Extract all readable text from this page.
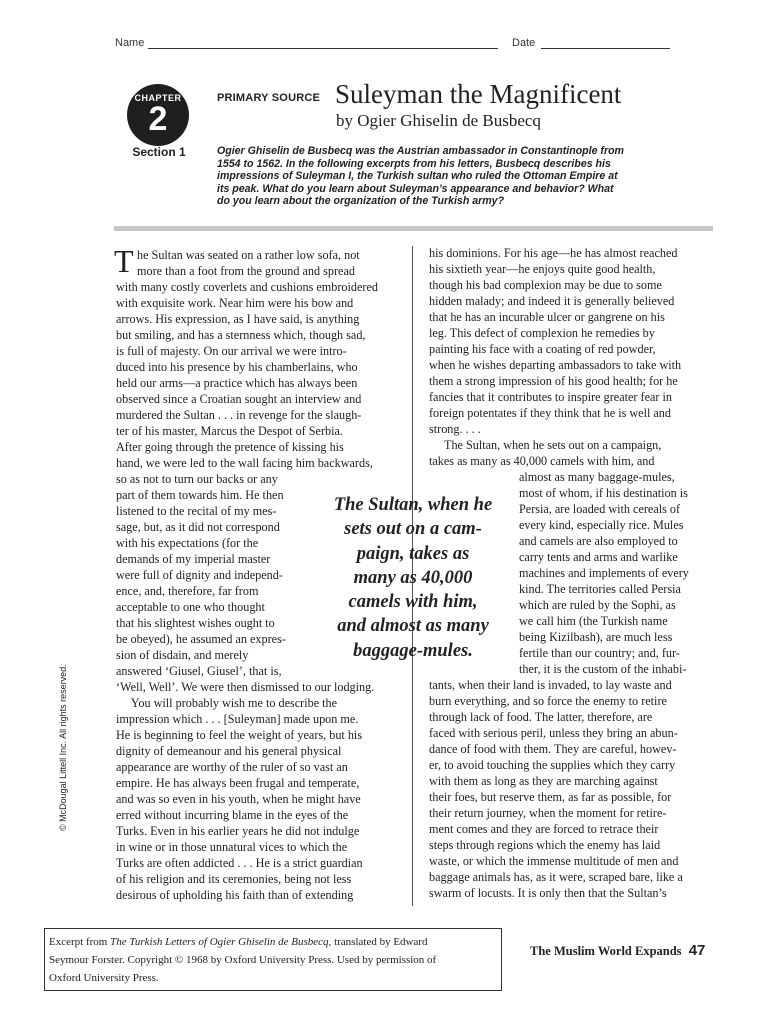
Name	Date
CHAPTER
2
Section 1
PRIMARY SOURCE Suleyman the Magnificent
by Ogier Ghiselin de Busbecq
Ogier Ghiselin de Busbecq was the Austrian ambassador in Constantinople from
1554 to 1562. In the following excerpts from his letters, Busbecq describes his
impressions of Suleyman I, the Turkish sultan who ruled the Ottoman Empire at
its peak. What do you learn about Suleyman’s appearance and behavior? What
do you learn about the organization of the Turkish army?
T he Sultan was seated on a rather low sofa, not
more than a foot from the ground and spread
with many costly coverlets and cushions embroidered
with exquisite work. Near him were his bow and
arrows. His expression, as I have said, is anything
but smiling, and has a sternness which, though sad,
is full of majesty. On our arrival we were intro-
duced into his presence by his chamberlains, who
held our arms—a practice which has always been
observed since a Croatian sought an interview and
murdered the Sultan . . . in revenge for the slaugh-
ter of his master, Marcus the Despot of Serbia.
After going through the pretence of kissing his
hand, we were led to the wall facing him backwards,
so as not to turn our backs or any
part of them towards him. He then
listened to the recital of my mes-
sage, but, as it did not correspond
with his expectations (for the
demands of my imperial master
were full of dignity and independ-
ence, and, therefore, far from
acceptable to one who thought
that his slightest wishes ought to
be obeyed), he assumed an expres-
sion of disdain, and merely
answered ‘Giusel, Giusel’, that is,
‘Well, Well’. We were then dismissed to our lodging.
You will probably wish me to describe the
impression which . . . [Suleyman] made upon me.
He is beginning to feel the weight of years, but his
dignity of demeanour and his general physical
appearance are worthy of the ruler of so vast an
empire. He has always been frugal and temperate,
and was so even in his youth, when he might have
erred without incurring blame in the eyes of the
Turks. Even in his earlier years he did not indulge
in wine or in those unnatural vices to which the
Turks are often addicted . . . He is a strict guardian
of his religion and its ceremonies, being not less
desirous of upholding his faith than of extending
The Sultan, when he
sets out on a cam-
paign, takes as
many as 40,000
camels with him,
and almost as many
baggage-mules.
his dominions. For his age—he has almost reached
his sixtieth year—he enjoys quite good health,
though his bad complexion may be due to some
hidden malady; and indeed it is generally believed
that he has an incurable ulcer or gangrene on his
leg. This defect of complexion he remedies by
painting his face with a coating of red powder,
when he wishes departing ambassadors to take with
them a strong impression of his good health; for he
fancies that it contributes to inspire greater fear in
foreign potentates if they think that he is well and
strong. . . .
The Sultan, when he sets out on a campaign,
takes as many as 40,000 camels with him, and
almost as many baggage-mules,
most of whom, if his destination is
Persia, are loaded with cereals of
every kind, especially rice. Mules
and camels are also employed to
carry tents and arms and warlike
machines and implements of every
kind. The territories called Persia
which are ruled by the Sophi, as
we call him (the Turkish name
being Kizilbash), are much less
fertile than our country; and, fur-
ther, it is the custom of the inhabi-
tants, when their land is invaded, to lay waste and
burn everything, and so force the enemy to retire
through lack of food. The latter, therefore, are
faced with serious peril, unless they bring an abun-
dance of food with them. They are careful, howev-
er, to avoid touching the supplies which they carry
with them as long as they are marching against
their foes, but reserve them, as far as possible, for
their return journey, when the moment for retire-
ment comes and they are forced to retrace their
steps through regions which the enemy has laid
waste, or which the immense multitude of men and
baggage animals has, as it were, scraped bare, like a
swarm of locusts. It is only then that the Sultan’s
© McDougal Littell Inc. All rights reserved.
Excerpt from The Turkish Letters of Ogier Ghiselin de Busbecq, translated by Edward
Seymour Forster. Copyright © 1968 by Oxford University Press. Used by permission of
Oxford University Press.
The Muslim World Expands 47
